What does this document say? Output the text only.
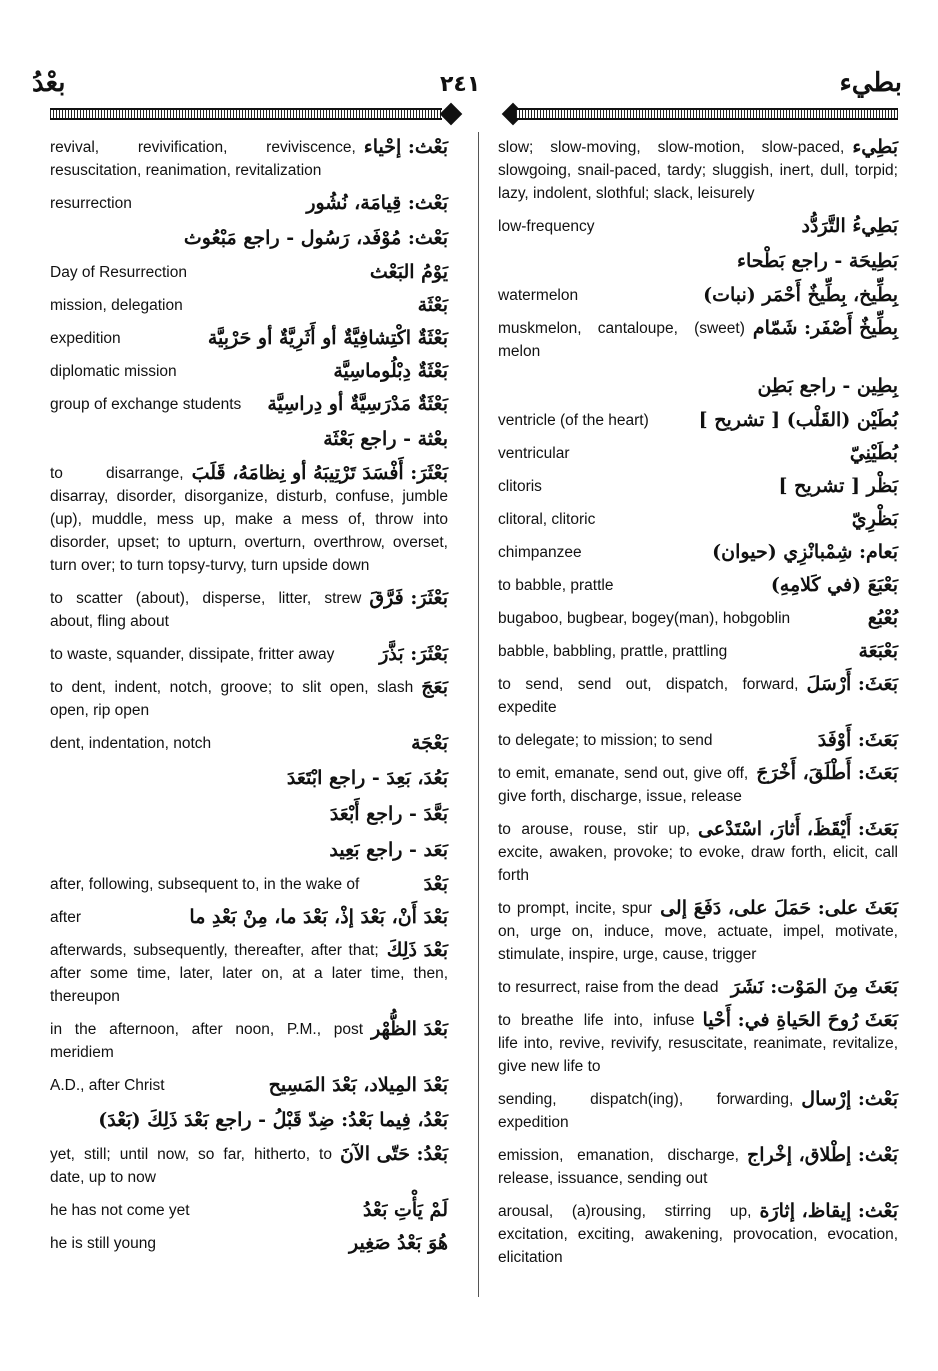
بعْدُ	٢٤١	بطيء
بَعْث: إحْياء
revival, revivification, reviviscence, resuscitation, reanimation, revitalization
بَعْث: قِيامَة، نُشُور
resurrection
بَعْث: مُوْفَد، رَسُول - راجع مَبْعُوث
يَوْمُ البَعْث
Day of Resurrection
بَعْثَة
mission, delegation
بَعْثَةٌ اكْتِشافِيَّةٌ أو أَثَرِيَّةٌ أو حَرْبِيَّة
expedition
بَعْثَةٌ دِبْلُوماسِيَّة
diplomatic mission
بَعْثَةٌ مَدْرَسِيَّةٌ أو دِراسِيَّة
group of exchange students
بعْثة - راجع بَعْثَة
بَعْثَرَ: أَفْسَدَ تَرْتِيبَهُ أو نِظامَهُ، قَلَبَ
to disarrange, disarray, disorder, disorganize, disturb, confuse, jumble (up), muddle, mess up, make a mess of, throw into disorder, upset; to upturn, overturn, overthrow, overset, turn over; to turn topsy-turvy, turn upside down
بَعْثَرَ: فَرَّقَ
to scatter (about), disperse, litter, strew about, fling about
بَعْثَرَ: بَذَّرَ
to waste, squander, dissipate, fritter away
بَعَجَ
to dent, indent, notch, groove; to slit open, slash open, rip open
بَعْجَة
dent, indentation, notch
بَعُدَ، بَعِدَ - راجع ابْتَعَدَ
بَعَّدَ - راجع أَبْعَدَ
بَعَد - راجع بَعِيد
بَعْدَ
after, following, subsequent to, in the wake of
بَعْدَ أَنْ، بَعْدَ إذْ، بَعْدَ ما، مِنْ بَعْدِ ما
after
بَعْدَ ذَلِكَ
afterwards, subsequently, thereafter, after that; after some time, later, later on, at a later time, then, thereupon
بَعْدَ الظُّهْر
in the afternoon, after noon, P.M., post meridiem
بَعْدَ المِيلاد، بَعْدَ المَسِيح
A.D., after Christ
بَعْدُ، فِيما بَعْدُ: ضِدّ قَبْلُ - راجع بَعْدَ ذَلِكَ (بَعْدَ)
بَعْدُ: حَتّى الآنَ
yet, still; until now, so far, hitherto, to date, up to now
لَمْ يَأْتِ بَعْدُ
he has not come yet
هُوَ بَعْدُ صَغِير
he is still young
بَطِيء
slow; slow-moving, slow-motion, slow-paced, slowgoing, snail-paced, tardy; sluggish, inert, dull, torpid; lazy, indolent, slothful; slack, leisurely
بَطِيءُ التَّرَدُّد
low-frequency
بَطِيحَة - راجع بَطْحاء
بِطِّيخ، بِطِّيخٌ أَحْمَر (نبات)
watermelon
بِطِّيخٌ أَصْفَر: شَمّام
muskmelon, cantaloupe, (sweet) melon
بِطِين - راجع بَطِن
بُطَيْن (القَلْب) [ تشريح ]
ventricle (of the heart)
بُطَيْنِيّ
ventricular
بَظْر [ تشريح ]
clitoris
بَظْرِيّ
clitoral, clitoric
بَعام: شِمْبانْزِي (حيوان)
chimpanzee
بَعْبَعَ (في كَلامِهِ)
to babble, prattle
بُعْبُع
bugaboo, bugbear, bogey(man), hobgoblin
بَعْبَعَة
babble, babbling, prattle, prattling
بَعَثَ: أَرْسَلَ
to send, send out, dispatch, forward, expedite
بَعَثَ: أَوْفَدَ
to delegate; to mission; to send
بَعَثَ: أَطْلَقَ، أَخْرَجَ
to emit, emanate, send out, give off, give forth, discharge, issue, release
بَعَثَ: أَيْقَظَ، أَثارَ، اسْتَدْعى
to arouse, rouse, stir up, excite, awaken, provoke; to evoke, draw forth, elicit, call forth
بَعَثَ على: حَمَلَ على، دَفَعَ إلى
to prompt, incite, spur on, urge on, induce, move, actuate, impel, motivate, stimulate, inspire, urge, cause, trigger
بَعَثَ مِنَ المَوْت: نَشَرَ
to resurrect, raise from the dead
بَعَثَ رُوحَ الحَياةِ في: أَحْيا
to breathe life into, infuse life into, revive, revivify, resuscitate, reanimate, revitalize, give new life to
بَعْث: إرْسال
sending, dispatch(ing), forwarding, expedition
بَعْث: إطْلاق، إخْراج
emission, emanation, discharge, release, issuance, sending out
بَعْث: إيقاظ، إثارَة
arousal, (a)rousing, stirring up, excitation, exciting, awakening, provocation, evocation, elicitation
